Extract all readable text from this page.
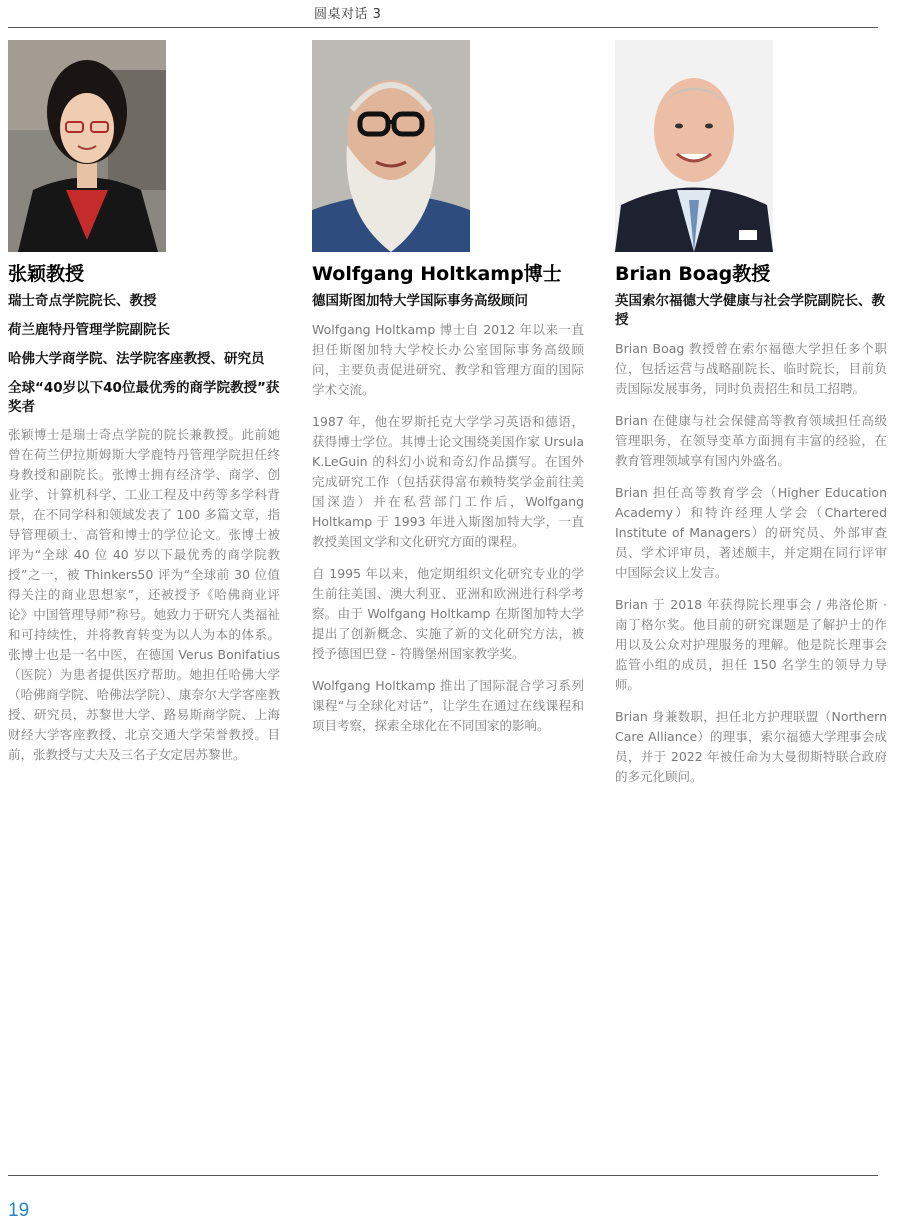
圆桌对话 3
张颖教授
瑞士奇点学院院长、教授
荷兰鹿特丹管理学院副院长
哈佛大学商学院、法学院客座教授、研究员
全球“40岁以下40位最优秀的商学院教授”获奖者

张颖博士是瑞士奇点学院的院长兼教授。此前她曾在荷兰伊拉斯姆斯大学鹿特丹管理学院担任终身教授和副院长。张博士拥有经济学、商学、创业学、计算机科学、工业工程及中药等多学科背景，在不同学科和领域发表了 100 多篇文章，指导管理硕士、高管和博士的学位论文。张博士被评为“全球 40 位 40 岁以下最优秀的商学院教授”之一，被 Thinkers50 评为“全球前 30 位值得关注的商业思想家”，还被授予《哈佛商业评论》中国管理导师”称号。她致力于研究人类福祉和可持续性，并将教育转变为以人为本的体系。张博士也是一名中医，在德国 Verus Bonifatius（医院）为患者提供医疗帮助。她担任哈佛大学（哈佛商学院、哈佛法学院）、康奈尔大学客座教授、研究员，苏黎世大学、路易斯商学院、上海财经大学客座教授、北京交通大学荣誉教授。目前，张教授与丈夫及三名子女定居苏黎世。

Wolfgang Holtkamp博士
德国斯图加特大学国际事务高级顾问

Wolfgang Holtkamp 博士自 2012 年以来一直担任斯图加特大学校长办公室国际事务高级顾问，主要负责促进研究、教学和管理方面的国际学术交流。

1987 年，他在罗斯托克大学学习英语和德语，获得博士学位。其博士论文围绕美国作家 Ursula K.LeGuin 的科幻小说和奇幻作品撰写。在国外完成研究工作（包括获得富布赖特奖学金前往美国深造）并在私营部门工作后，Wolfgang Holtkamp 于 1993 年进入斯图加特大学，一直教授美国文学和文化研究方面的课程。

自 1995 年以来，他定期组织文化研究专业的学生前往美国、澳大利亚、亚洲和欧洲进行科学考察。由于 Wolfgang Holtkamp 在斯图加特大学提出了创新概念、实施了新的文化研究方法，被授予德国巴登 - 符腾堡州国家教学奖。

Wolfgang Holtkamp 推出了国际混合学习系列课程“与全球化对话”，让学生在通过在线课程和项目考察，探索全球化在不同国家的影响。

Brian Boag教授
英国索尔福德大学健康与社会学院副院长、教授

Brian Boag 教授曾在索尔福德大学担任多个职位，包括运营与战略副院长、临时院长，目前负责国际发展事务，同时负责招生和员工招聘。

Brian 在健康与社会保健高等教育领域担任高级管理职务，在领导变革方面拥有丰富的经验，在教育管理领域享有国内外盛名。

Brian 担任高等教育学会（Higher Education Academy）和特许经理人学会（Chartered Institute of Managers）的研究员、外部审查员、学术评审员，著述颇丰，并定期在同行评审中国际会议上发言。

Brian 于 2018 年获得院长理事会 / 弗洛伦斯 · 南丁格尔奖。他目前的研究课题是了解护士的作用以及公众对护理服务的理解。他是院长理事会监管小组的成员，担任 150 名学生的领导力导师。

Brian 身兼数职，担任北方护理联盟（Northern Care Alliance）的理事，索尔福德大学理事会成员，并于 2022 年被任命为大曼彻斯特联合政府的多元化顾问。

19
